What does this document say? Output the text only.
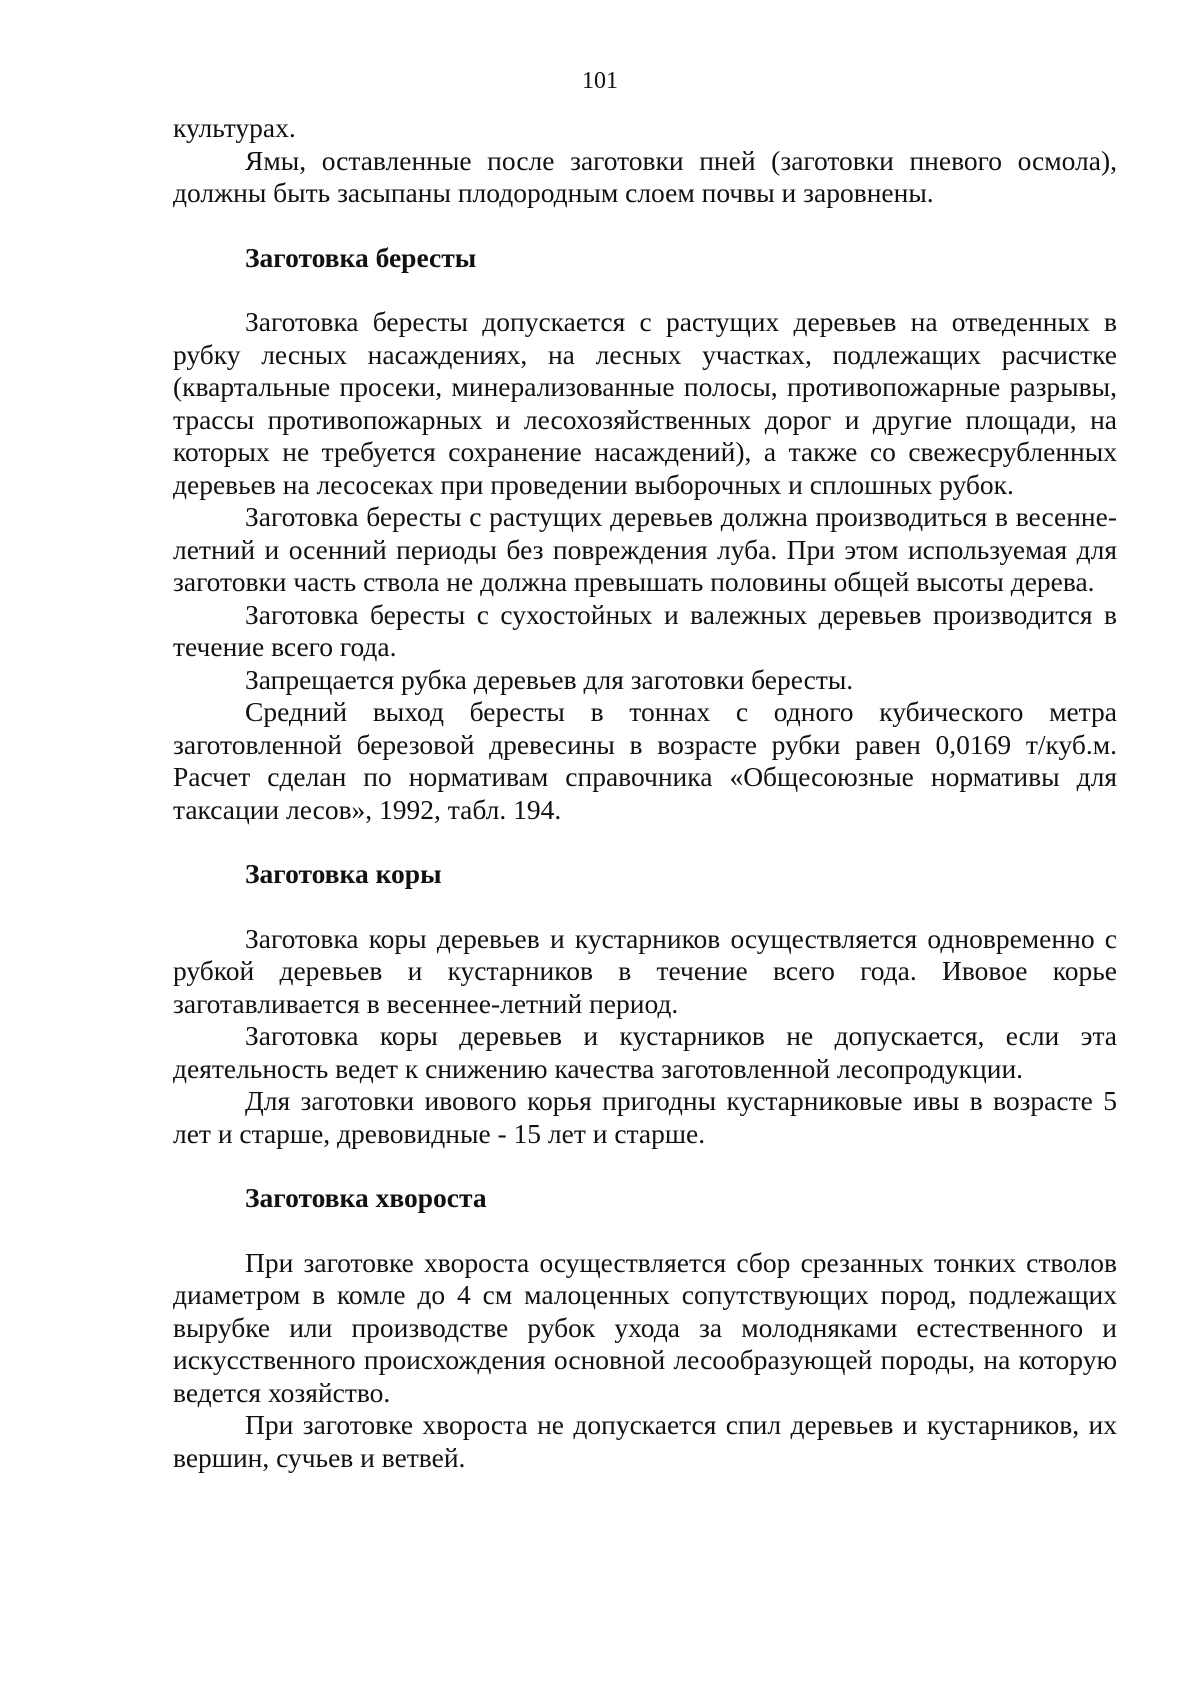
101

культурах.

Ямы, оставленные после заготовки пней (заготовки пневого осмола), должны быть засыпаны плодородным слоем почвы и заровнены.

Заготовка бересты

Заготовка бересты допускается с растущих деревьев на отведенных в рубку лесных насаждениях, на лесных участках, подлежащих расчистке (квартальные просеки, минерализованные полосы, противопожарные разрывы, трассы противопожарных и лесохозяйственных дорог и другие площади, на которых не требуется сохранение насаждений), а также со свежесрубленных деревьев на лесосеках при проведении выборочных и сплошных рубок.

Заготовка бересты с растущих деревьев должна производиться в весенне-летний и осенний периоды без повреждения луба. При этом используемая для заготовки часть ствола не должна превышать половины общей высоты дерева.

Заготовка бересты с сухостойных и валежных деревьев производится в течение всего года.

Запрещается рубка деревьев для заготовки бересты.

Средний выход бересты в тоннах с одного кубического метра заготовленной березовой древесины в возрасте рубки равен 0,0169 т/куб.м. Расчет сделан по нормативам справочника «Общесоюзные нормативы для таксации лесов», 1992, табл. 194.

Заготовка коры

Заготовка коры деревьев и кустарников осуществляется одновременно с рубкой деревьев и кустарников в течение всего года. Ивовое корье заготавливается в весеннее-летний период.

Заготовка коры деревьев и кустарников не допускается, если эта деятельность ведет к снижению качества заготовленной лесопродукции.

Для заготовки ивового корья пригодны кустарниковые ивы в возрасте 5 лет и старше, древовидные - 15 лет и старше.

Заготовка хвороста

При заготовке хвороста осуществляется сбор срезанных тонких стволов диаметром в комле до 4 см малоценных сопутствующих пород, подлежащих вырубке или производстве рубок ухода за молодняками естественного и искусственного происхождения основной лесообразующей породы, на которую ведется хозяйство.

При заготовке хвороста не допускается спил деревьев и кустарников, их вершин, сучьев и ветвей.
